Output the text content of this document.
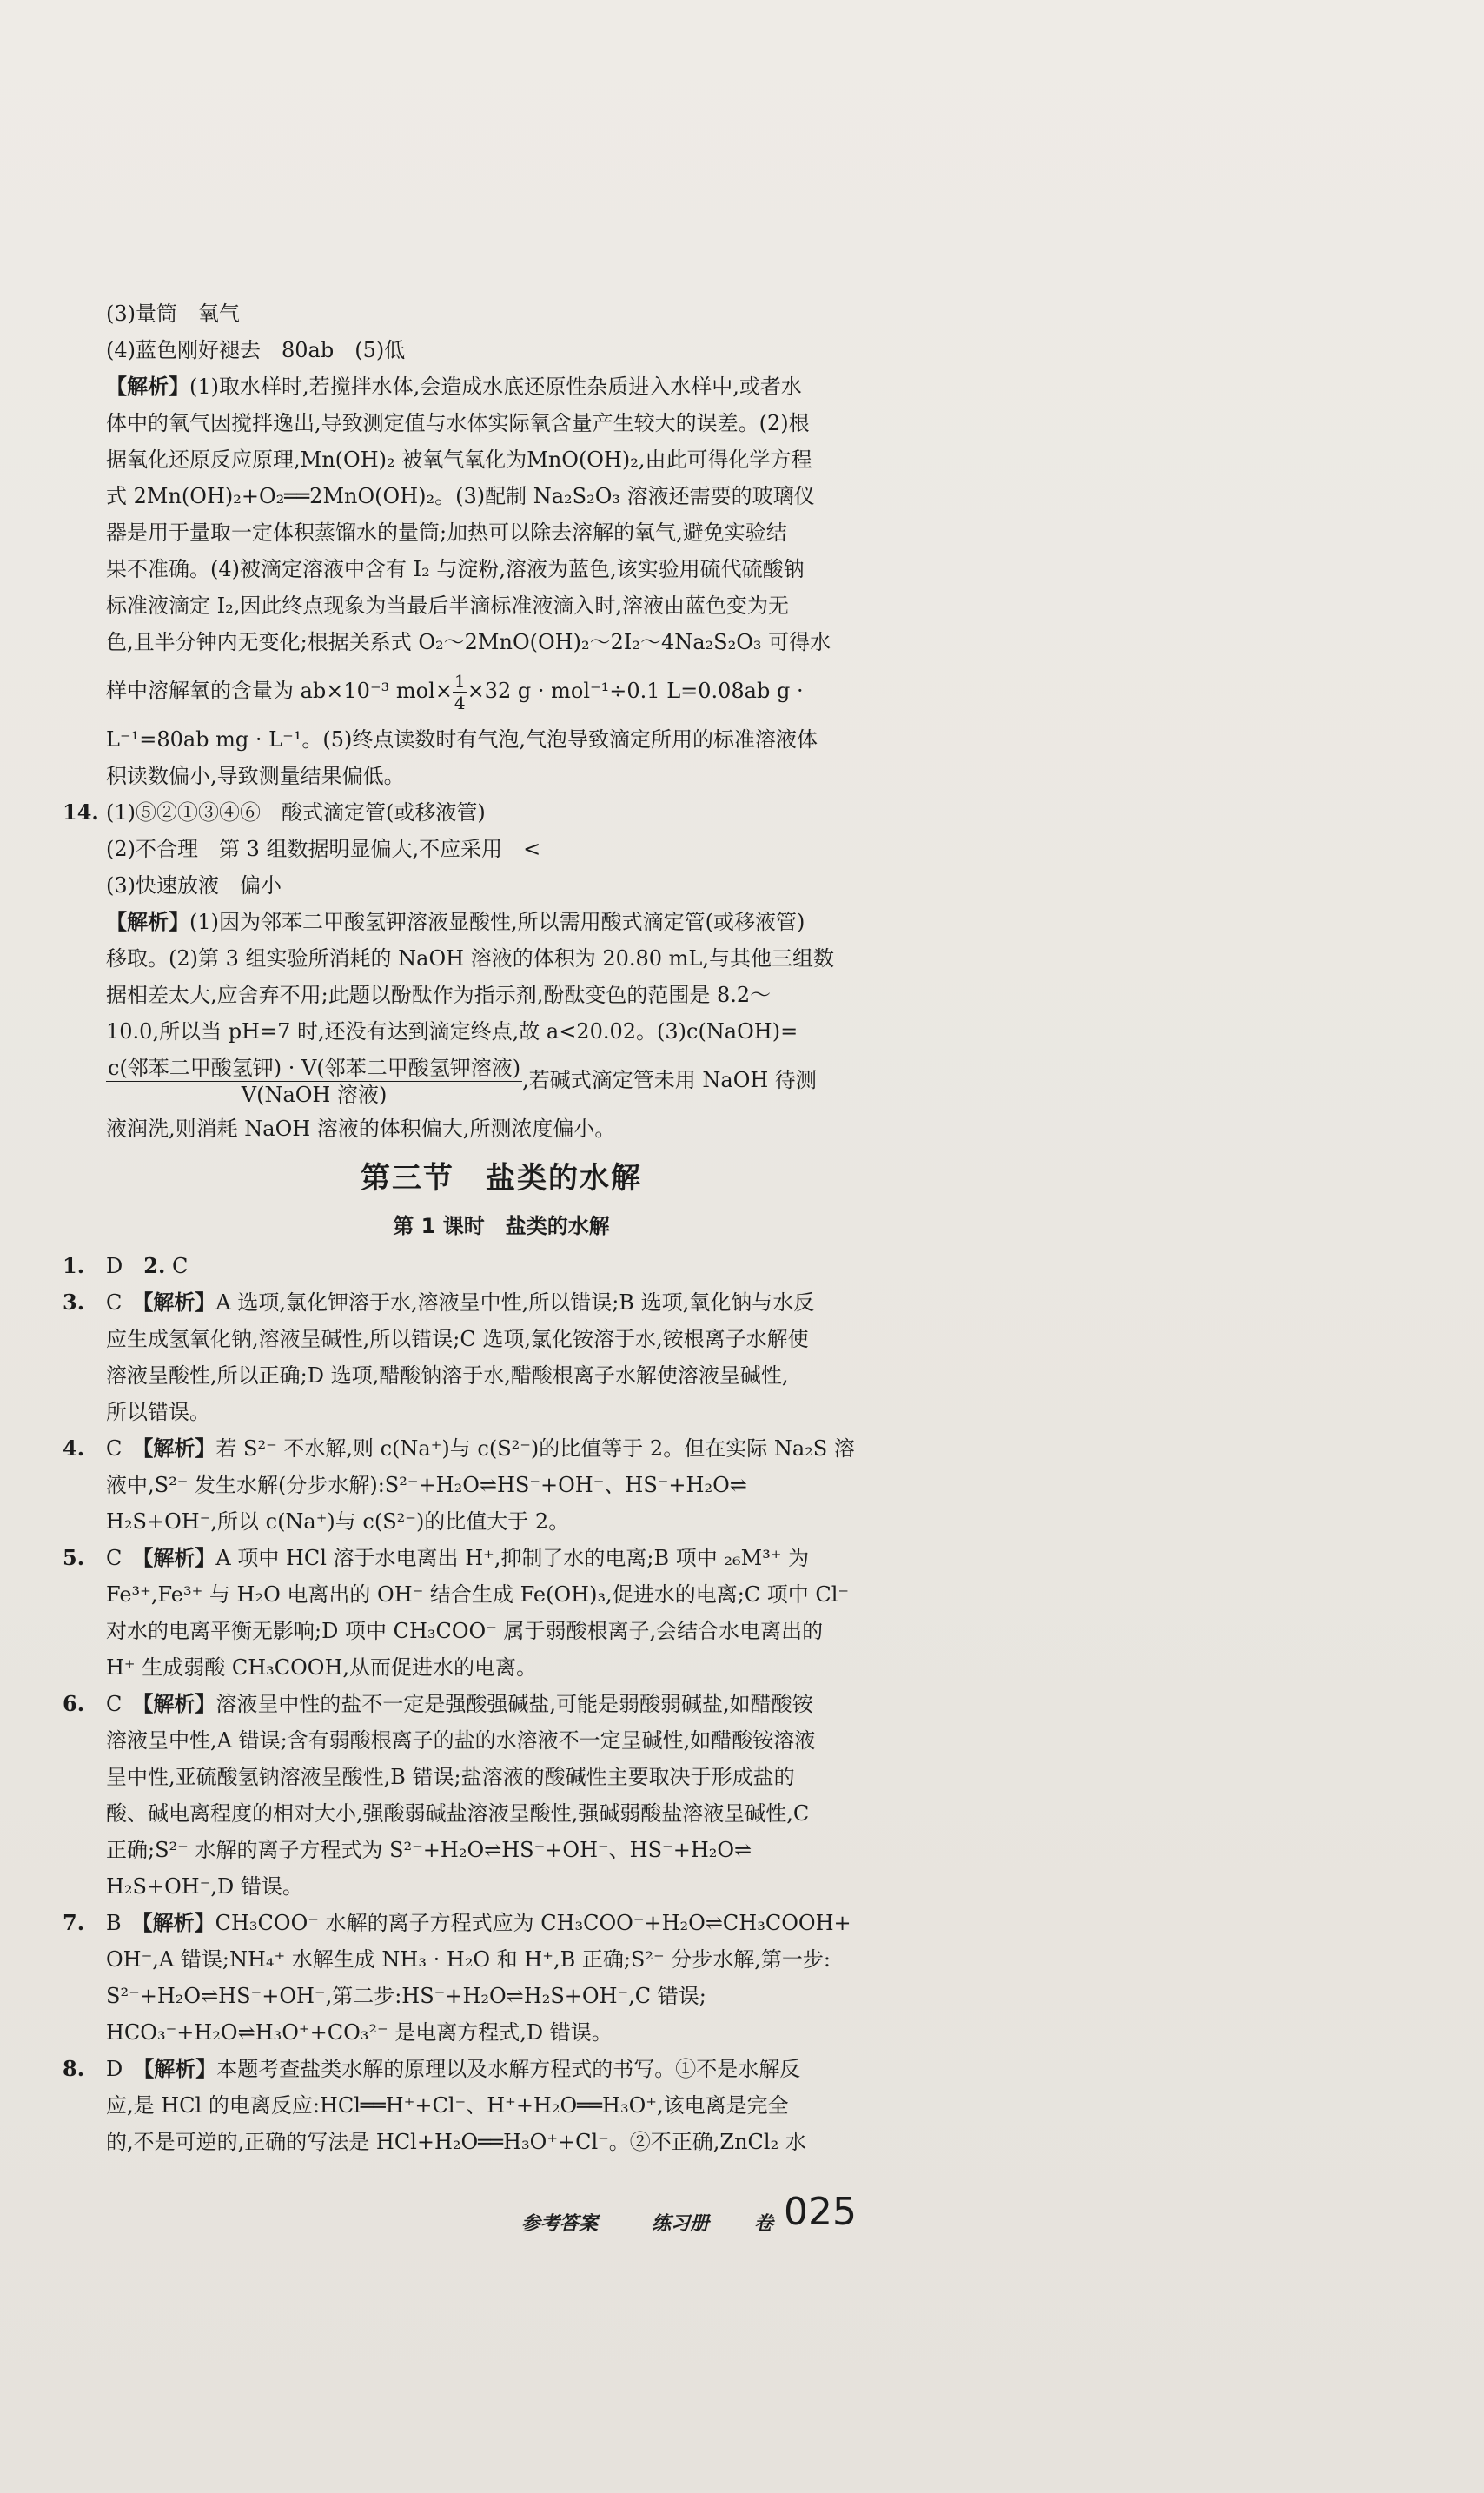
(3)量筒　氧气
(4)蓝色刚好褪去　80ab　(5)低
【解析】(1)取水样时,若搅拌水体,会造成水底还原性杂质进入水样中,或者水
体中的氧气因搅拌逸出,导致测定值与水体实际氧含量产生较大的误差。(2)根
据氧化还原反应原理,Mn(OH)₂ 被氧气氧化为MnO(OH)₂,由此可得化学方程
式 2Mn(OH)₂+O₂══2MnO(OH)₂。(3)配制 Na₂S₂O₃ 溶液还需要的玻璃仪
器是用于量取一定体积蒸馏水的量筒;加热可以除去溶解的氧气,避免实验结
果不准确。(4)被滴定溶液中含有 I₂ 与淀粉,溶液为蓝色,该实验用硫代硫酸钠
标准液滴定 I₂,因此终点现象为当最后半滴标准液滴入时,溶液由蓝色变为无
色,且半分钟内无变化;根据关系式 O₂～2MnO(OH)₂～2I₂～4Na₂S₂O₃ 可得水
样中溶解氧的含量为 ab×10⁻³ $mol\times \frac{1}{4} \times 32$ g · mol⁻¹÷0.1 L=0.08ab g ·
L⁻¹=80ab mg · L⁻¹。(5)终点读数时有气泡,气泡导致滴定所用的标准溶液体
积读数偏小,导致测量结果偏低。
14. (1)⑤②①③④⑥　酸式滴定管(或移液管)
(2)不合理　第 3 组数据明显偏大,不应采用　<
(3)快速放液　偏小
【解析】(1)因为邻苯二甲酸氢钾溶液显酸性,所以需用酸式滴定管(或移液管)
移取。(2)第 3 组实验所消耗的 NaOH 溶液的体积为 20.80 mL,与其他三组数
据相差太大,应舍弃不用;此题以酚酞作为指示剂,酚酞变色的范围是 8.2～
10.0,所以当 pH=7 时,还没有达到滴定终点,故 a<20.02。(3)c(NaOH)=
$\frac{\text{c(邻苯二甲酸氢钾) · V(邻苯二甲酸氢钾溶液)}}{\text{V(NaOH 溶液)}}$ ,若碱式滴定管未用 NaOH 待测
液润洗,则消耗 NaOH 溶液的体积偏大,所测浓度偏小。
第三节　盐类的水解
第 1 课时　盐类的水解
1. D　 2. C
3. C　 【解析】A 选项,氯化钾溶于水,溶液呈中性,所以错误;B 选项,氧化钠与水反
应生成氢氧化钠,溶液呈碱性,所以错误;C 选项,氯化铵溶于水,铵根离子水解使
溶液呈酸性,所以正确;D 选项,醋酸钠溶于水,醋酸根离子水解使溶液呈碱性,
所以错误。
4. C　 【解析】若 S²⁻ 不水解,则 c(Na⁺)与 c(S²⁻)的比值等于 2。但在实际 Na₂S 溶
液中,S²⁻ 发生水解(分步水解):S²⁻+H₂O⇌HS⁻+OH⁻、HS⁻+H₂O⇌
H₂S+OH⁻,所以 c(Na⁺)与 c(S²⁻)的比值大于 2。
5. C　 【解析】A 项中 HCl 溶于水电离出 H⁺,抑制了水的电离;B 项中 ₂₆M³⁺ 为
Fe³⁺,Fe³⁺ 与 H₂O 电离出的 OH⁻ 结合生成 Fe(OH)₃,促进水的电离;C 项中 Cl⁻
对水的电离平衡无影响;D 项中 CH₃COO⁻ 属于弱酸根离子,会结合水电离出的
H⁺ 生成弱酸 CH₃COOH,从而促进水的电离。
6. C　 【解析】溶液呈中性的盐不一定是强酸强碱盐,可能是弱酸弱碱盐,如醋酸铵
溶液呈中性,A 错误;含有弱酸根离子的盐的水溶液不一定呈碱性,如醋酸铵溶液
呈中性,亚硫酸氢钠溶液呈酸性,B 错误;盐溶液的酸碱性主要取决于形成盐的
酸、碱电离程度的相对大小,强酸弱碱盐溶液呈酸性,强碱弱酸盐溶液呈碱性,C
正确;S²⁻ 水解的离子方程式为 S²⁻+H₂O⇌HS⁻+OH⁻、HS⁻+H₂O⇌
H₂S+OH⁻,D 错误。
7. B　 【解析】CH₃COO⁻ 水解的离子方程式应为 CH₃COO⁻+H₂O⇌CH₃COOH+
OH⁻,A 错误;NH₄⁺ 水解生成 NH₃ · H₂O 和 H⁺,B 正确;S²⁻ 分步水解,第一步:
S²⁻+H₂O⇌HS⁻+OH⁻,第二步:HS⁻+H₂O⇌H₂S+OH⁻,C 错误;
HCO₃⁻+H₂O⇌H₃O⁺+CO₃²⁻ 是电离方程式,D 错误。
8. D　 【解析】本题考查盐类水解的原理以及水解方程式的书写。①不是水解反
应,是 HCl 的电离反应:HCl══H⁺+Cl⁻、H⁺+H₂O══H₃O⁺,该电离是完全
的,不是可逆的,正确的写法是 HCl+H₂O══H₃O⁺+Cl⁻。②不正确,ZnCl₂ 水
参考答案	练习册 卷 025
